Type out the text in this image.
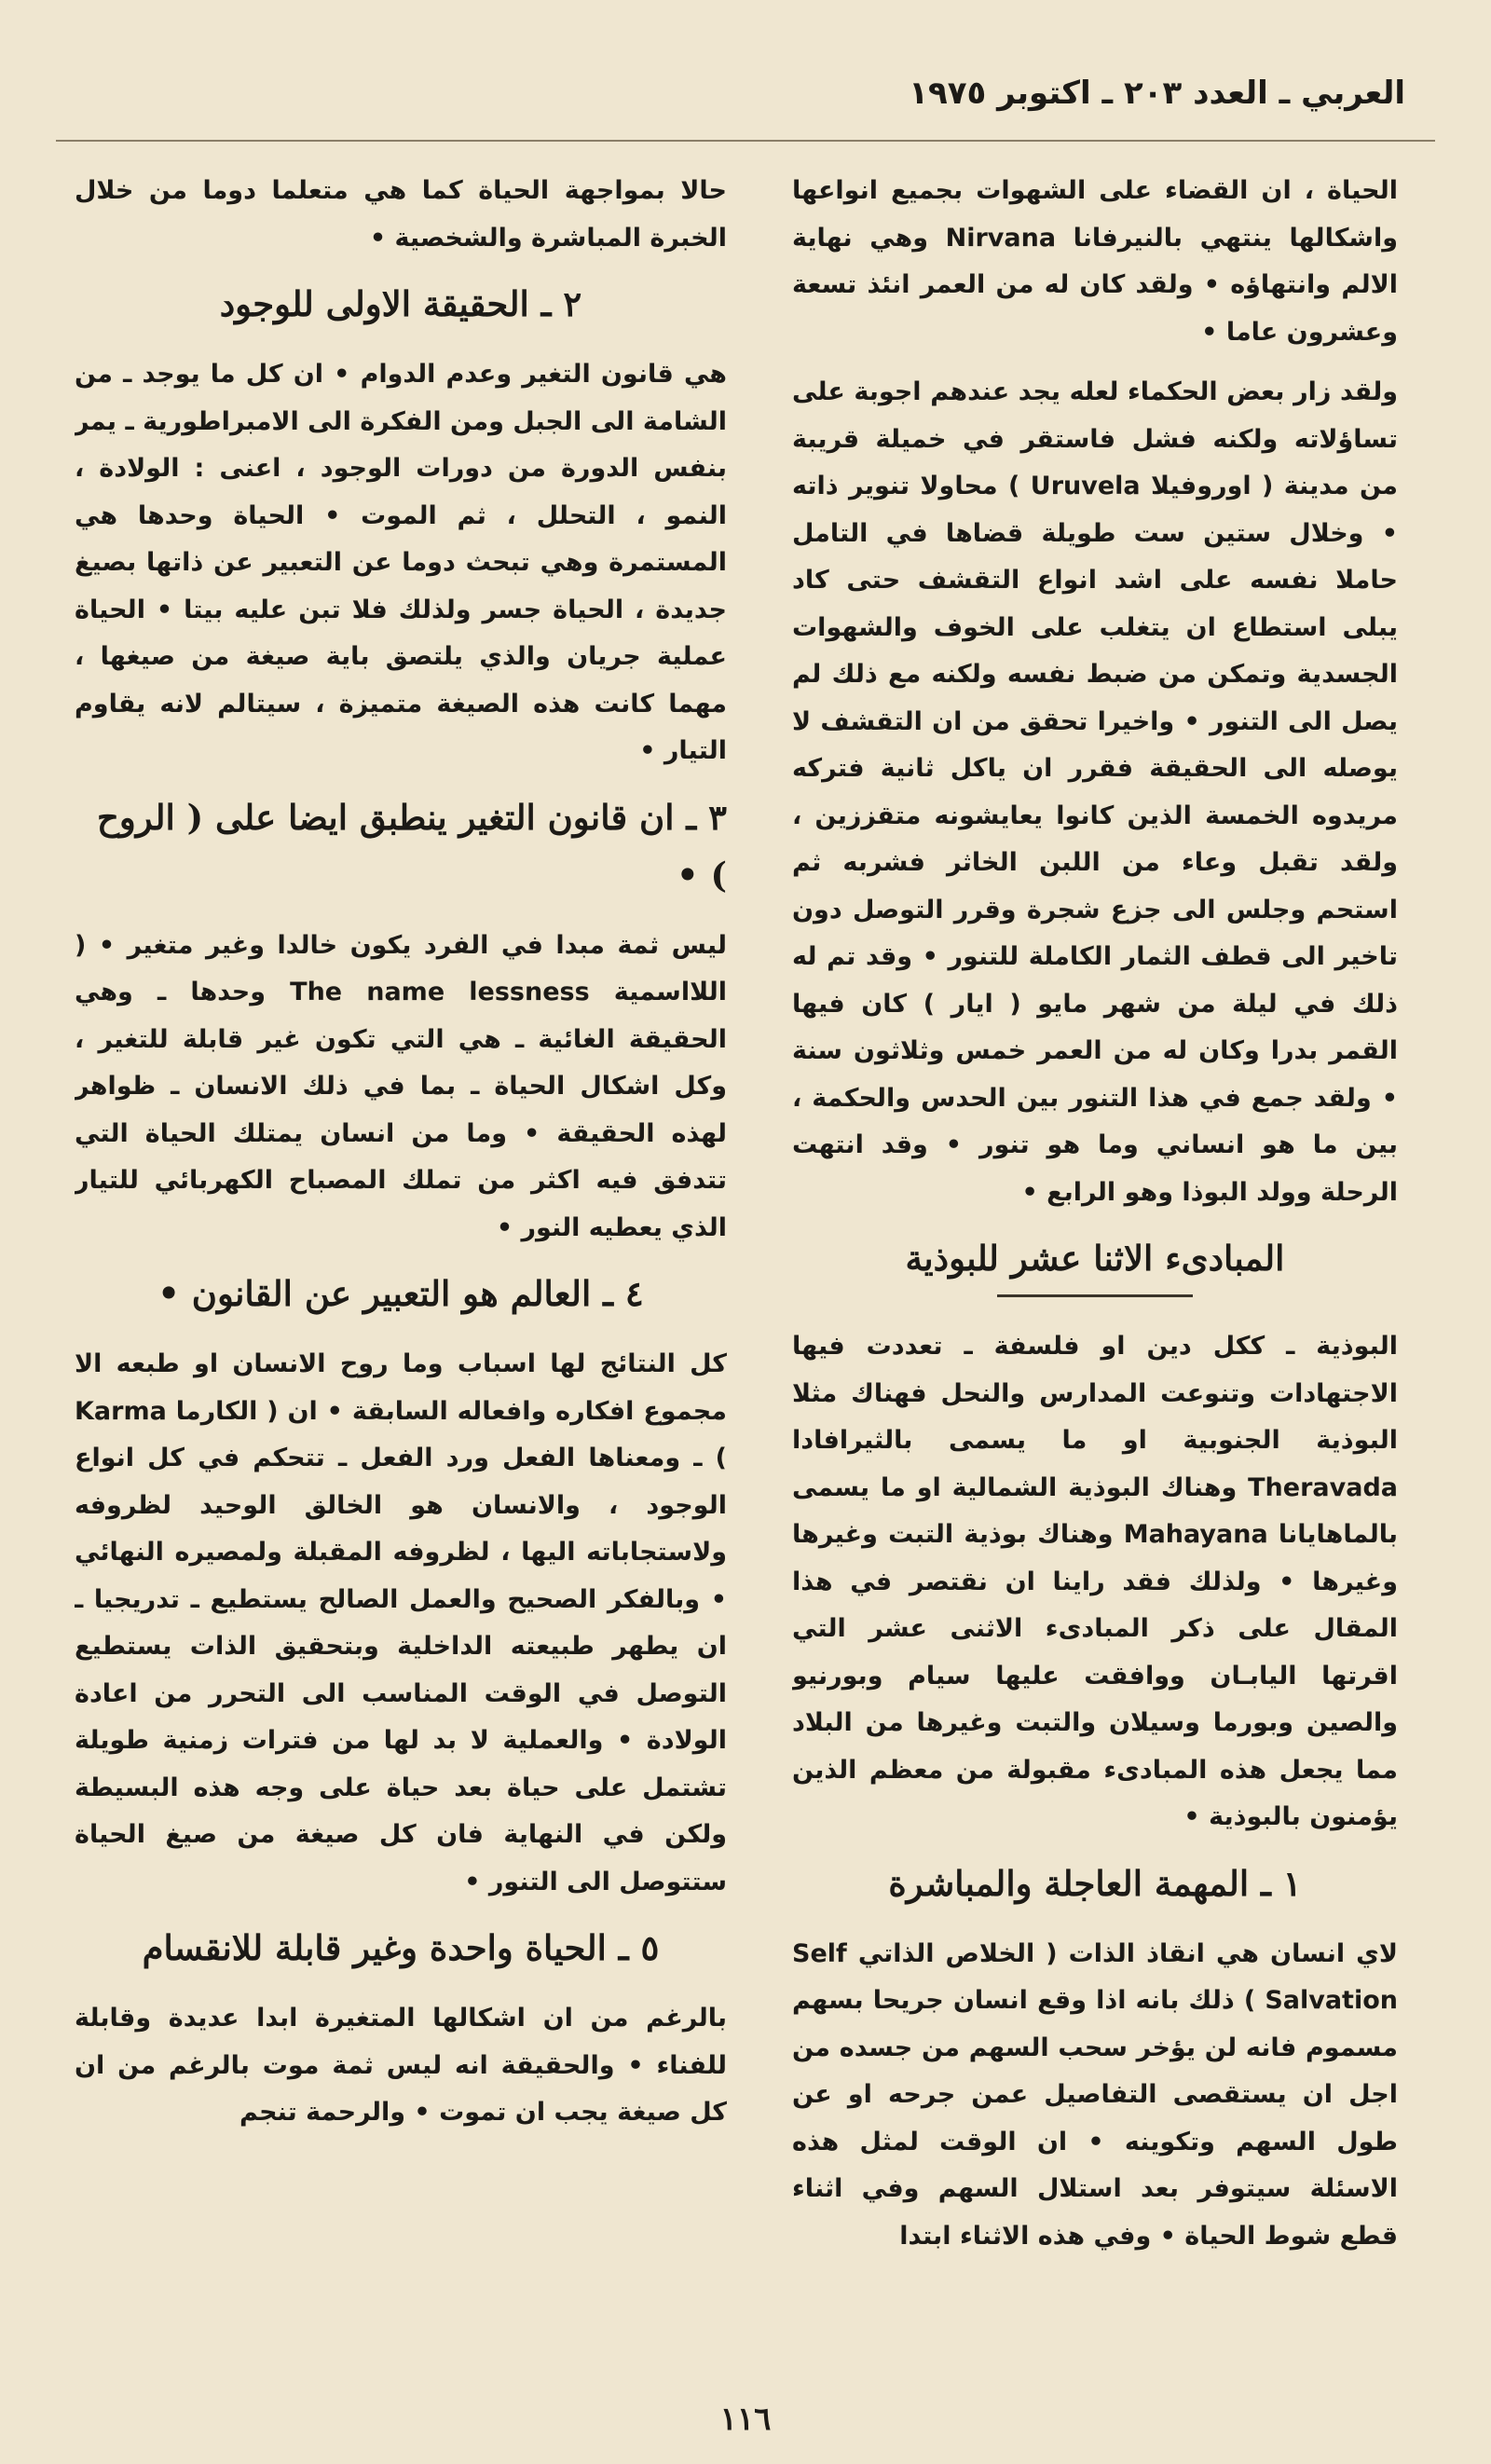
العربي ـ العدد ٢٠٣ ـ اكتوبر ١٩٧٥

الحياة ، ان القضاء على الشهوات بجميع انواعها واشكالها ينتهي بالنيرفانا Nirvana وهي نهاية الالم وانتهاؤه • ولقد كان له من العمر انئذ تسعة وعشرون عاما •

ولقد زار بعض الحكماء لعله يجد عندهم اجوبة على تساؤلاته ولكنه فشل فاستقر في خميلة قريبة من مدينة ( اوروفيلا Uruvela ) محاولا تنوير ذاته • وخلال ستين ست طويلة قضاها في التامل حاملا نفسه على اشد انواع التقشف حتى كاد يبلى استطاع ان يتغلب على الخوف والشهوات الجسدية وتمكن من ضبط نفسه ولكنه مع ذلك لم يصل الى التنور • واخيرا تحقق من ان التقشف لا يوصله الى الحقيقة فقرر ان ياكل ثانية فتركه مريدوه الخمسة الذين كانوا يعايشونه متقززين ، ولقد تقبل وعاء من اللبن الخاثر فشربه ثم استحم وجلس الى جزع شجرة وقرر التوصل دون تاخير الى قطف الثمار الكاملة للتنور • وقد تم له ذلك في ليلة من شهر مايو ( ايار ) كان فيها القمر بدرا وكان له من العمر خمس وثلاثون سنة • ولقد جمع في هذا التنور بين الحدس والحكمة ، بين ما هو انساني وما هو تنور • وقد انتهت الرحلة وولد البوذا وهو الرابع •

المبادىء الاثنا عشر للبوذية

البوذية ـ ككل دين او فلسفة ـ تعددت فيها الاجتهادات وتنوعت المدارس والنحل فهناك مثلا البوذية الجنوبية او ما يسمى بالثيرافادا Theravada وهناك البوذية الشمالية او ما يسمى بالماهايانا Mahayana وهناك بوذية التبت وغيرها وغيرها • ولذلك فقد راينا ان نقتصر في هذا المقال على ذكر المبادىء الاثنى عشر التي اقرتها اليابـان ووافقت عليها سيام وبورنيو والصين وبورما وسيلان والتبت وغيرها من البلاد مما يجعل هذه المبادىء مقبولة من معظم الذين يؤمنون بالبوذية •

١ ـ المهمة العاجلة والمباشرة

لاي انسان هي انقاذ الذات ( الخلاص الذاتي Self Salvation ) ذلك بانه اذا وقع انسان جريحا بسهم مسموم فانه لن يؤخر سحب السهم من جسده من اجل ان يستقصى التفاصيل عمن جرحه او عن طول السهم وتكوينه • ان الوقت لمثل هذه الاسئلة سيتوفر بعد استلال السهم وفي اثناء قطع شوط الحياة • وفي هذه الاثناء ابتدا

حالا بمواجهة الحياة كما هي متعلما دوما من خلال الخبرة المباشرة والشخصية •

٢ ـ الحقيقة الاولى للوجود

هي قانون التغير وعدم الدوام • ان كل ما يوجد ـ من الشامة الى الجبل ومن الفكرة الى الامبراطورية ـ يمر بنفس الدورة من دورات الوجود ، اعنى : الولادة ، النمو ، التحلل ، ثم الموت • الحياة وحدها هي المستمرة وهي تبحث دوما عن التعبير عن ذاتها بصيغ جديدة ، الحياة جسر ولذلك فلا تبن عليه بيتا • الحياة عملية جريان والذي يلتصق باية صيغة من صيغها ، مهما كانت هذه الصيغة متميزة ، سيتالم لانه يقاوم التيار •

٣ ـ ان قانون التغير ينطبق ايضا على ( الروح ) •

ليس ثمة مبدا في الفرد يكون خالدا وغير متغير • ( اللااسمية The name lessness وحدها ـ وهي الحقيقة الغائية ـ هي التي تكون غير قابلة للتغير ، وكل اشكال الحياة ـ بما في ذلك الانسان ـ ظواهر لهذه الحقيقة • وما من انسان يمتلك الحياة التي تتدفق فيه اكثر من تملك المصباح الكهربائي للتيار الذي يعطيه النور •

٤ ـ العالم هو التعبير عن القانون •

كل النتائج لها اسباب وما روح الانسان او طبعه الا مجموع افكاره وافعاله السابقة • ان ( الكارما Karma ) ـ ومعناها الفعل ورد الفعل ـ تتحكم في كل انواع الوجود ، والانسان هو الخالق الوحيد لظروفه ولاستجاباته اليها ، لظروفه المقبلة ولمصيره النهائي • وبالفكر الصحيح والعمل الصالح يستطيع ـ تدريجيا ـ ان يطهر طبيعته الداخلية وبتحقيق الذات يستطيع التوصل في الوقت المناسب الى التحرر من اعادة الولادة • والعملية لا بد لها من فترات زمنية طويلة تشتمل على حياة بعد حياة على وجه هذه البسيطة ولكن في النهاية فان كل صيغة من صيغ الحياة ستتوصل الى التنور •

٥ ـ الحياة واحدة وغير قابلة للانقسام

بالرغم من ان اشكالها المتغيرة ابدا عديدة وقابلة للفناء • والحقيقة انه ليس ثمة موت بالرغم من ان كل صيغة يجب ان تموت • والرحمة تنجم

١١٦
